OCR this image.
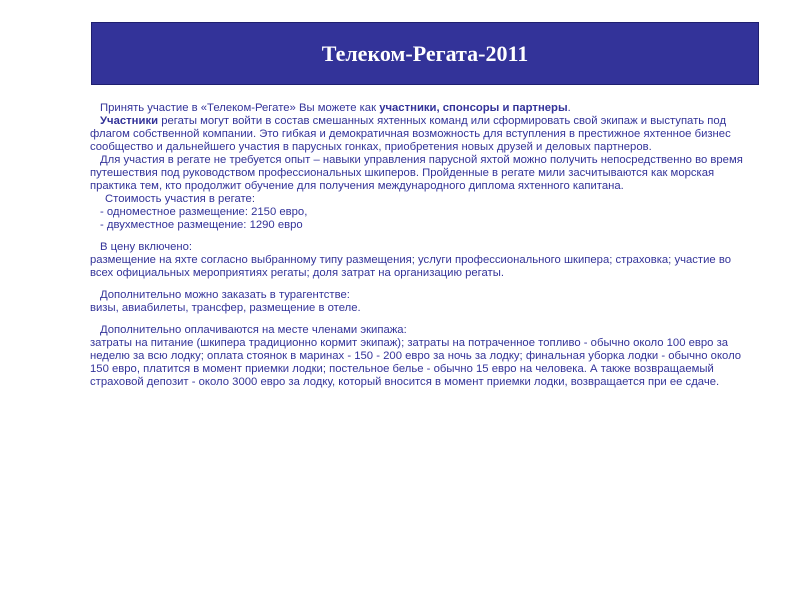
Телеком-Регата-2011

Принять участие в «Телеком-Регате» Вы можете как участники, спонсоры и партнеры.

Участники регаты могут войти в состав смешанных яхтенных команд или сформировать свой экипаж и выступать под флагом собственной компании. Это гибкая и демократичная возможность для вступления в престижное яхтенное бизнес сообщество и дальнейшего участия в парусных гонках, приобретения новых друзей и деловых партнеров.

Для участия в регате не требуется опыт – навыки управления парусной яхтой можно получить непосредственно во время путешествия под руководством профессиональных шкиперов. Пройденные в регате мили засчитываются как морская практика тем, кто продолжит обучение для получения международного диплома яхтенного капитана.

Стоимость участия в регате:

- одноместное размещение: 2150 евро,

- двухместное размещение: 1290 евро

В цену включено:

размещение на яхте согласно выбранному типу размещения; услуги профессионального шкипера; страховка; участие во всех официальных мероприятиях регаты; доля затрат на организацию регаты.

Дополнительно можно заказать в турагентстве:

визы, авиабилеты, трансфер, размещение в отеле.

Дополнительно оплачиваются на месте членами экипажа:

затраты на питание (шкипера традиционно кормит экипаж); затраты на потраченное топливо - обычно около 100 евро за неделю за всю лодку; оплата стоянок в маринах - 150 - 200 евро за ночь за лодку; финальная уборка лодки - обычно около 150 евро, платится в момент приемки лодки; постельное белье - обычно 15 евро на человека. А также возвращаемый страховой депозит - около 3000 евро за лодку, который вносится в момент приемки лодки, возвращается при ее сдаче.
